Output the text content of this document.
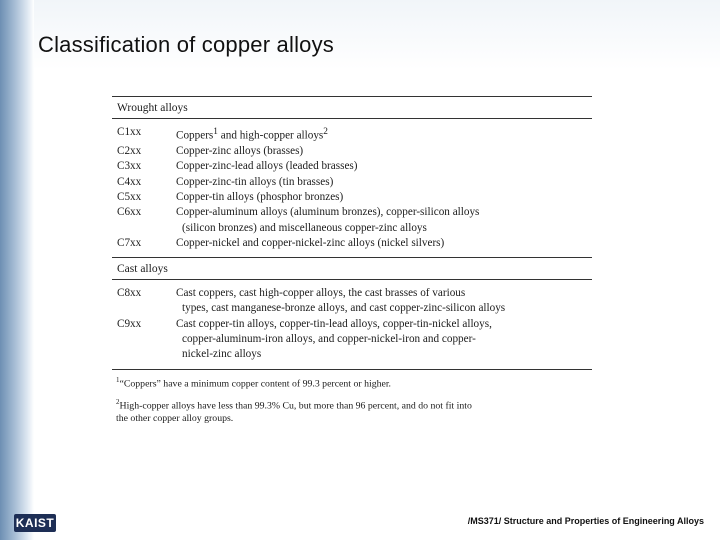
Classification of copper alloys
Wrought alloys
C1xx	Coppers$^1$ and high-copper alloys$^2$
C2xx	Copper-zinc alloys (brasses)
C3xx	Copper-zinc-lead alloys (leaded brasses)
C4xx	Copper-zinc-tin alloys (tin brasses)
C5xx	Copper-tin alloys (phosphor bronzes)
C6xx	Copper-aluminum alloys (aluminum bronzes), copper-silicon alloys
(silicon bronzes) and miscellaneous copper-zinc alloys
C7xx	Copper-nickel and copper-nickel-zinc alloys (nickel silvers)
Cast alloys
C8xx	Cast coppers, cast high-copper alloys, the cast brasses of various
types, cast manganese-bronze alloys, and cast copper-zinc-silicon alloys
C9xx	Cast copper-tin alloys, copper-tin-lead alloys, copper-tin-nickel alloys,
copper-aluminum-iron alloys, and copper-nickel-iron and copper-
nickel-zinc alloys
$^1$“Coppers” have a minimum copper content of 99.3 percent or higher.
$^2$High-copper alloys have less than 99.3% Cu, but more than 96 percent, and do not fit into
the other copper alloy groups.
KAIST	/MS371/ Structure and Properties of Engineering Alloys
